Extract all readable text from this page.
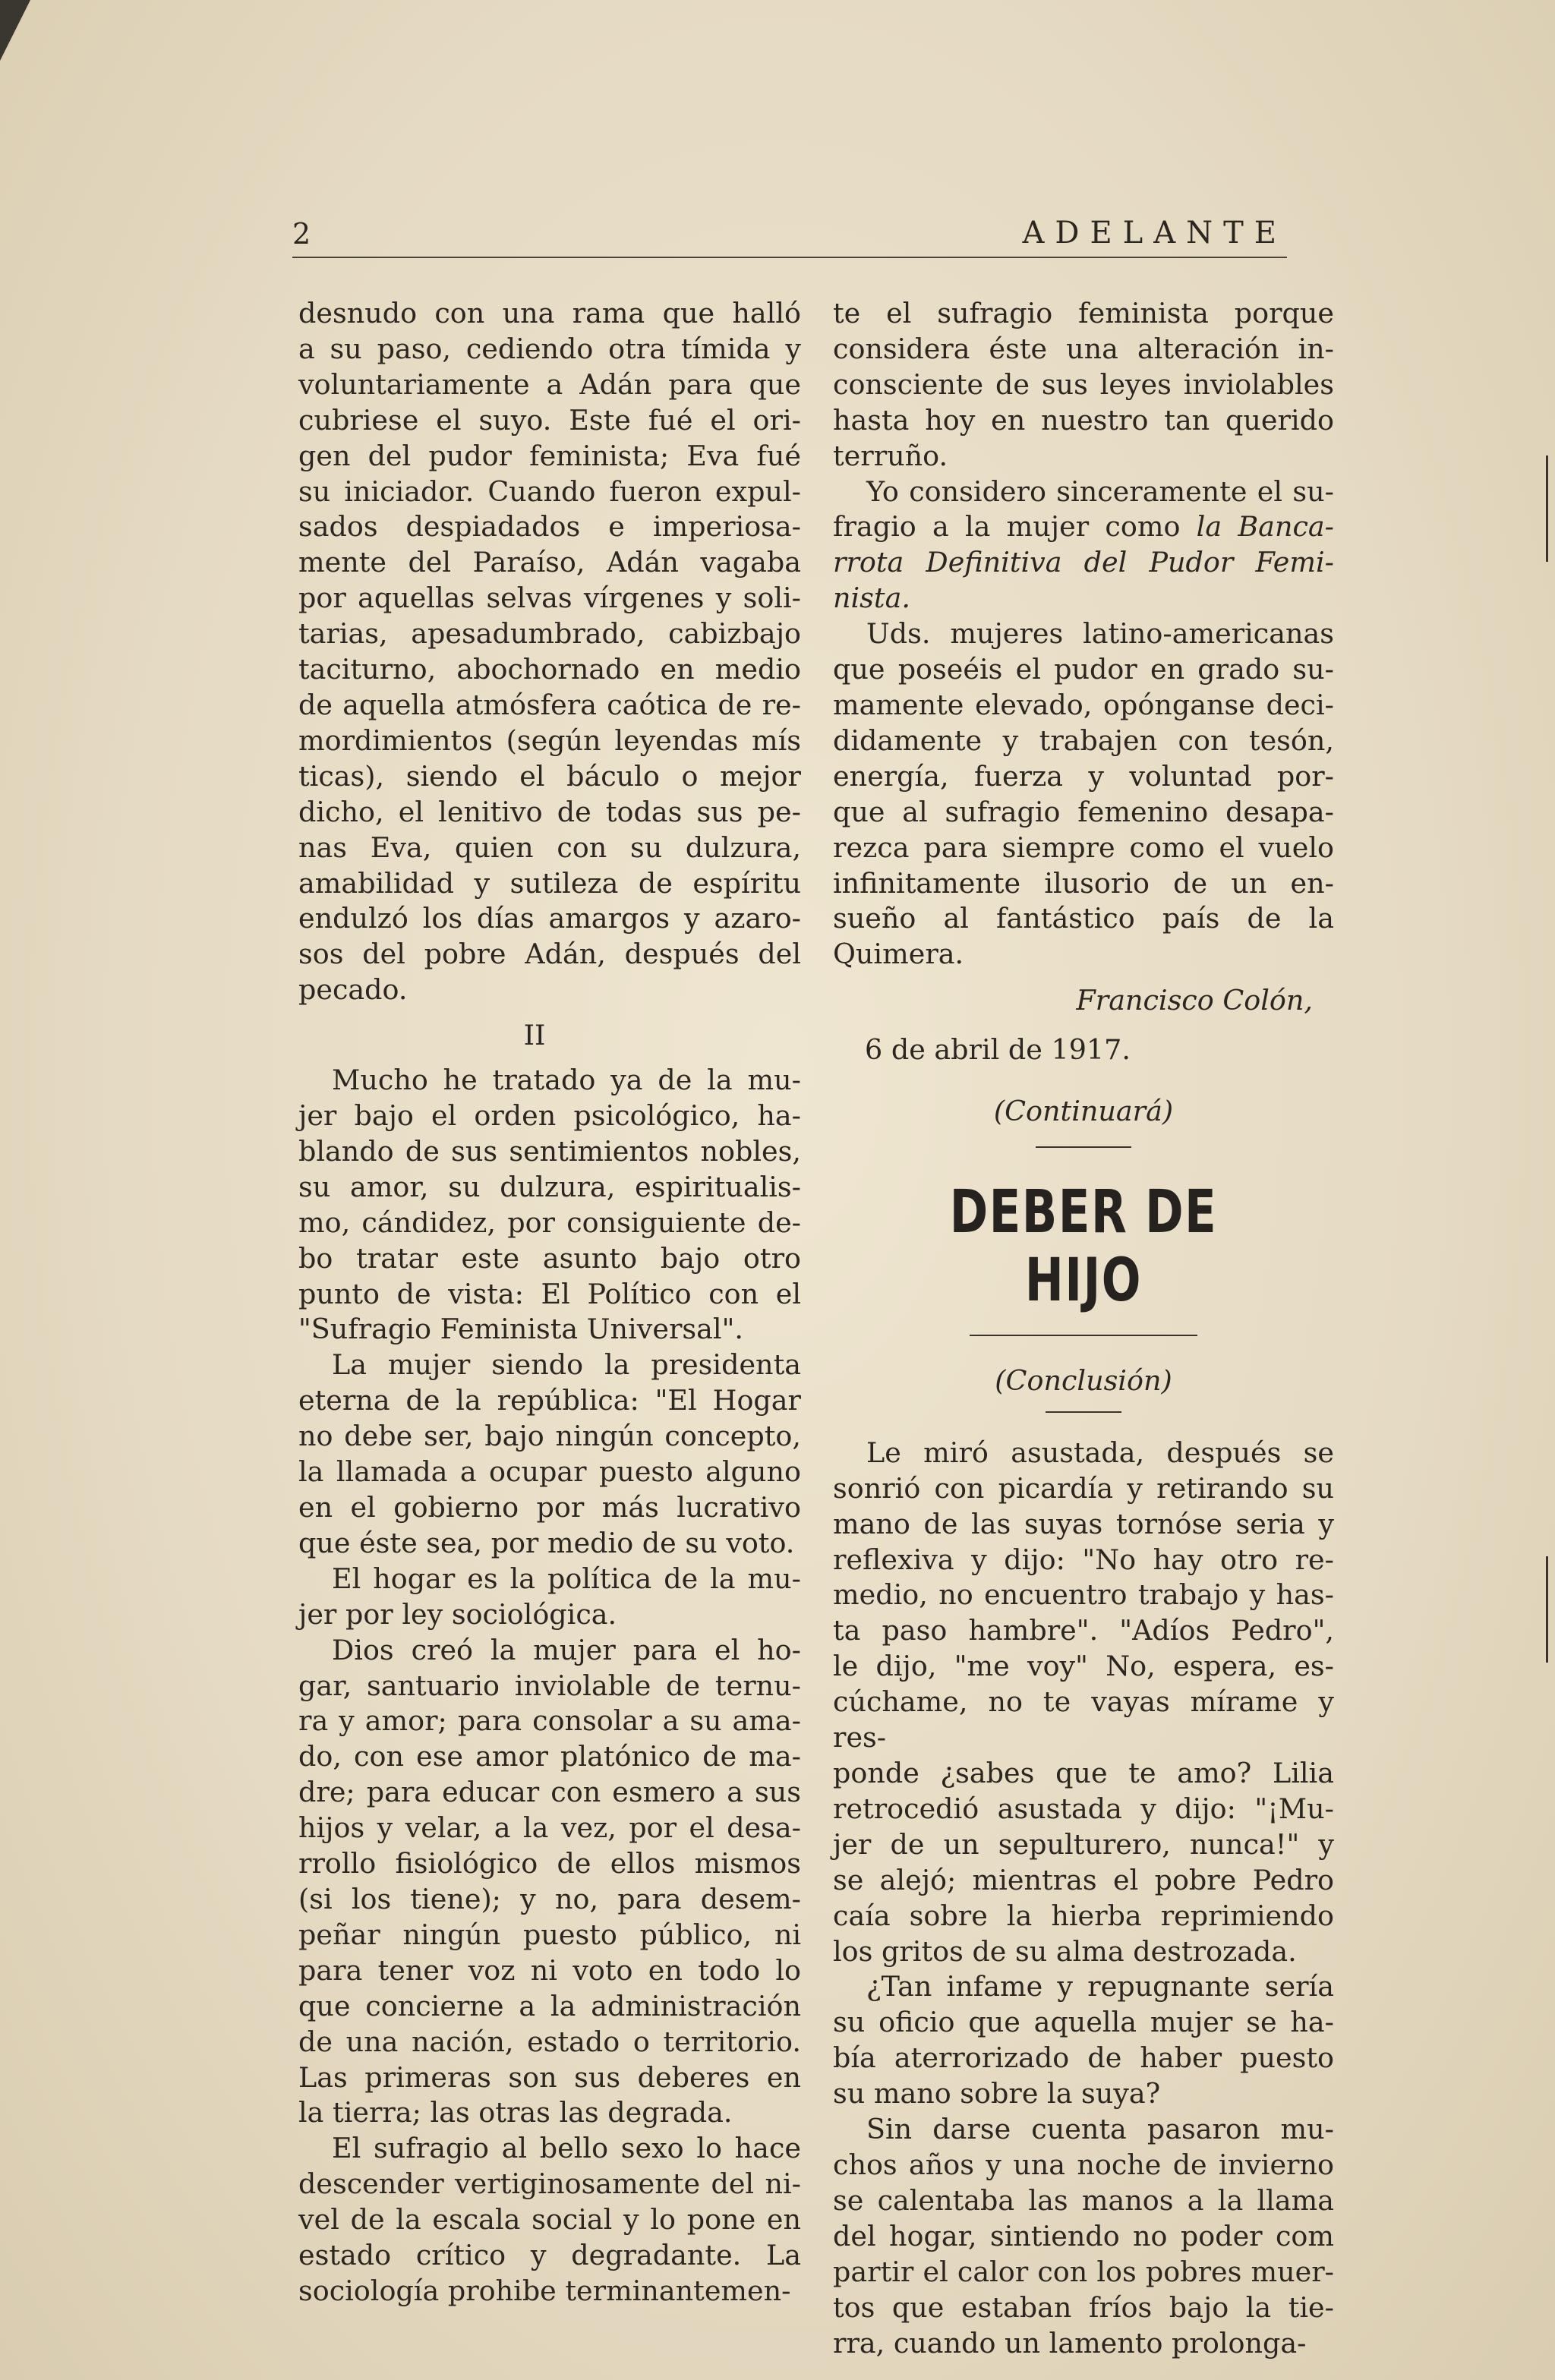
2	ADELANTE

desnudo con una rama que halló

a su paso, cediendo otra tímida y

voluntariamente a Adán para que

cubriese el suyo. Este fué el ori-

gen del pudor feminista; Eva fué

su iniciador. Cuando fueron expul-

sados despiadados e imperiosa-

mente del Paraíso, Adán vagaba

por aquellas selvas vírgenes y soli-

tarias, apesadumbrado, cabizbajo

taciturno, abochornado en medio

de aquella atmósfera caótica de re-

mordimientos (según leyendas mís

ticas), siendo el báculo o mejor

dicho, el lenitivo de todas sus pe-

nas Eva, quien con su dulzura,

amabilidad y sutileza de espíritu

endulzó los días amargos y azaro-

sos del pobre Adán, después del

pecado.

II

Mucho he tratado ya de la mu-

jer bajo el orden psicológico, ha-

blando de sus sentimientos nobles,

su amor, su dulzura, espiritualis-

mo, cándidez, por consiguiente de-

bo tratar este asunto bajo otro

punto de vista: El Político con el

"Sufragio Feminista Universal".

La mujer siendo la presidenta

eterna de la república: "El Hogar

no debe ser, bajo ningún concepto,

la llamada a ocupar puesto alguno

en el gobierno por más lucrativo

que éste sea, por medio de su voto.

El hogar es la política de la mu-

jer por ley sociológica.

Dios creó la mujer para el ho-

gar, santuario inviolable de ternu-

ra y amor; para consolar a su ama-

do, con ese amor platónico de ma-

dre; para educar con esmero a sus

hijos y velar, a la vez, por el desa-

rrollo fisiológico de ellos mismos

(si los tiene); y no, para desem-

peñar ningún puesto público, ni

para tener voz ni voto en todo lo

que concierne a la administración

de una nación, estado o territorio.

Las primeras son sus deberes en

la tierra; las otras las degrada.

El sufragio al bello sexo lo hace

descender vertiginosamente del ni-

vel de la escala social y lo pone en

estado crítico y degradante. La

sociología prohibe terminantemen-

te el sufragio feminista porque

considera éste una alteración in-

consciente de sus leyes inviolables

hasta hoy en nuestro tan querido

terruño.

Yo considero sinceramente el su-

fragio a la mujer como la Banca-

rrota Definitiva del Pudor Femi-

nista.

Uds. mujeres latino-americanas

que poseéis el pudor en grado su-

mamente elevado, opónganse deci-

didamente y trabajen con tesón,

energía, fuerza y voluntad por-

que al sufragio femenino desapa-

rezca para siempre como el vuelo

infinitamente ilusorio de un en-

sueño al fantástico país de la

Quimera.

Francisco Colón,

6 de abril de 1917.

(Continuará)

DEBER DE HIJO

(Conclusión)

Le miró asustada, después se

sonrió con picardía y retirando su

mano de las suyas tornóse seria y

reflexiva y dijo: "No hay otro re-

medio, no encuentro trabajo y has-

ta paso hambre". "Adíos Pedro",

le dijo, "me voy" No, espera, es-

cúchame, no te vayas mírame y res-

ponde ¿sabes que te amo? Lilia

retrocedió asustada y dijo: "¡Mu-

jer de un sepulturero, nunca!" y

se alejó; mientras el pobre Pedro

caía sobre la hierba reprimiendo

los gritos de su alma destrozada.

¿Tan infame y repugnante sería

su oficio que aquella mujer se ha-

bía aterrorizado de haber puesto

su mano sobre la suya?

Sin darse cuenta pasaron mu-

chos años y una noche de invierno

se calentaba las manos a la llama

del hogar, sintiendo no poder com

partir el calor con los pobres muer-

tos que estaban fríos bajo la tie-

rra, cuando un lamento prolonga-
